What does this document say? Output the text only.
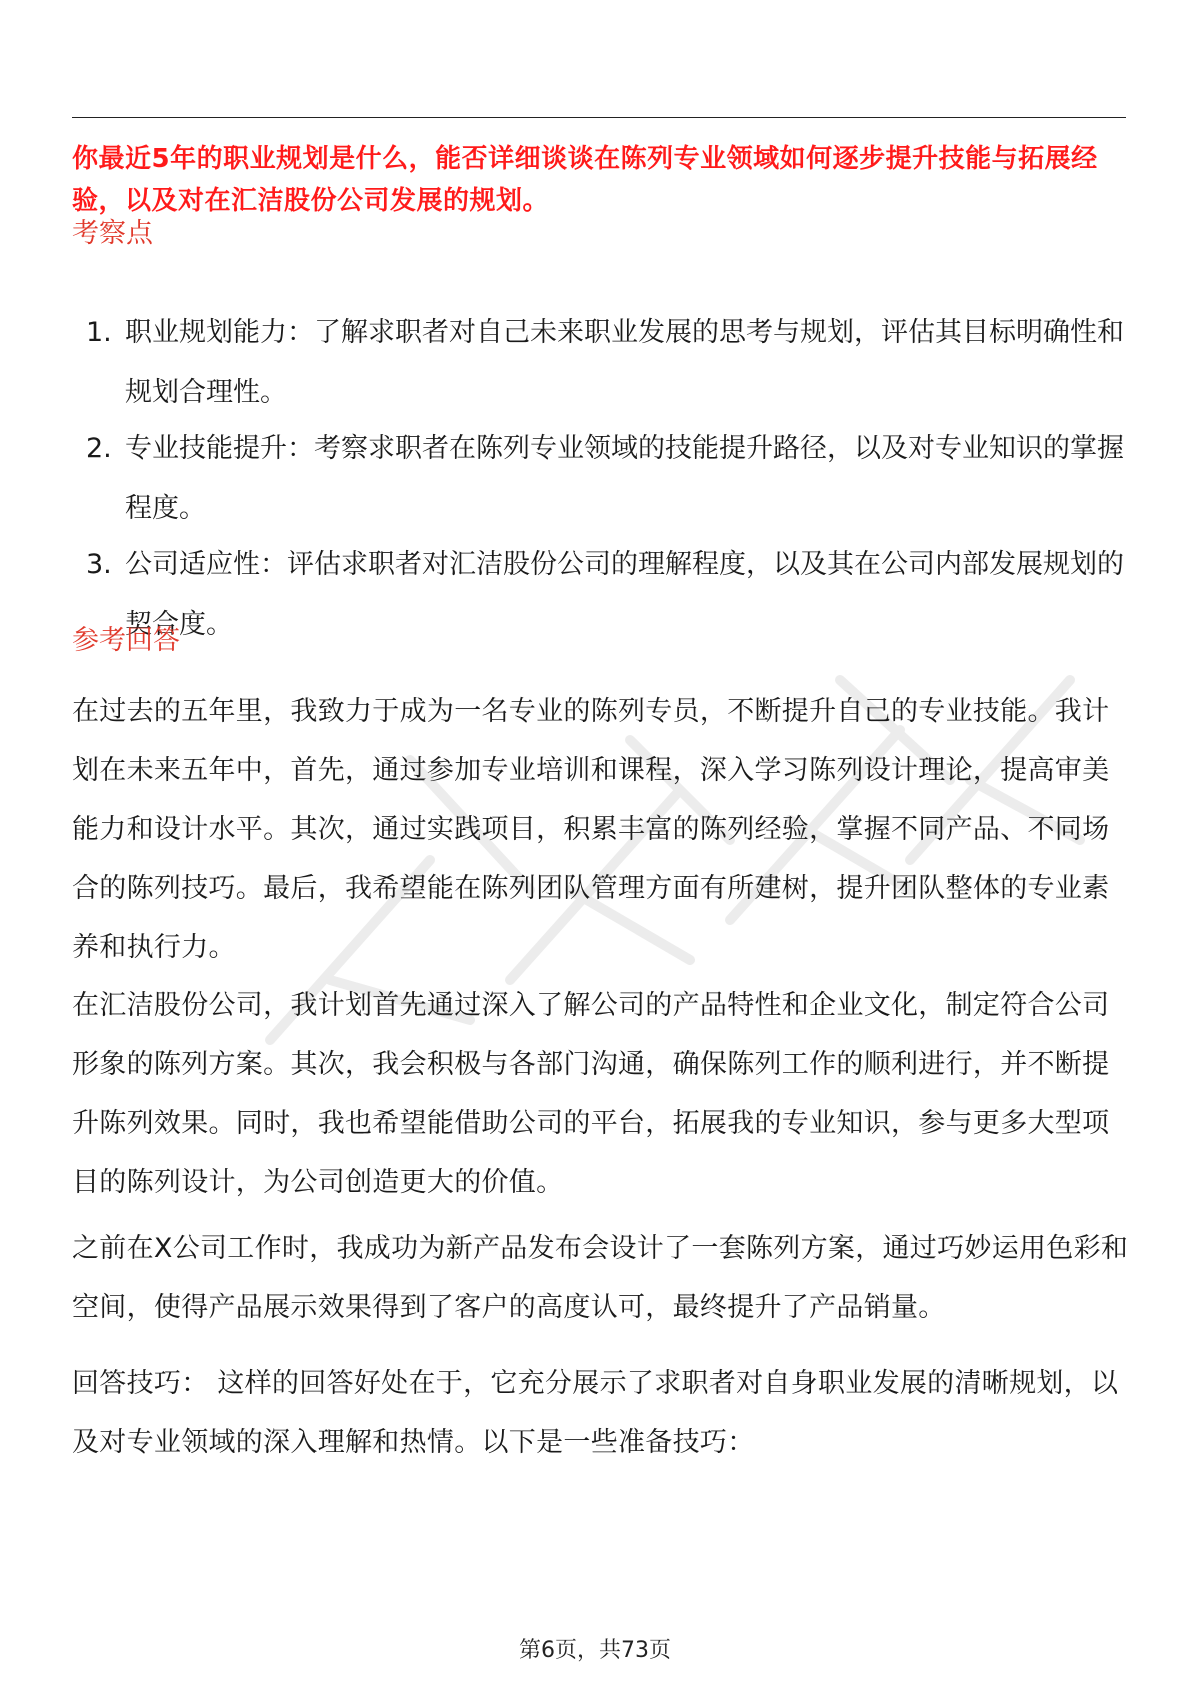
你最近5年的职业规划是什么，能否详细谈谈在陈列专业领域如何逐步提升技能与拓展经验，以及对在汇洁股份公司发展的规划。
考察点
1. 职业规划能力：了解求职者对自己未来职业发展的思考与规划，评估其目标明确性和规划合理性。
2. 专业技能提升：考察求职者在陈列专业领域的技能提升路径，以及对专业知识的掌握程度。
3. 公司适应性：评估求职者对汇洁股份公司的理解程度，以及其在公司内部发展规划的契合度。
参考回答
在过去的五年里，我致力于成为一名专业的陈列专员，不断提升自己的专业技能。我计划在未来五年中，首先，通过参加专业培训和课程，深入学习陈列设计理论，提高审美能力和设计水平。其次，通过实践项目，积累丰富的陈列经验，掌握不同产品、不同场合的陈列技巧。最后，我希望能在陈列团队管理方面有所建树，提升团队整体的专业素养和执行力。
在汇洁股份公司，我计划首先通过深入了解公司的产品特性和企业文化，制定符合公司形象的陈列方案。其次，我会积极与各部门沟通，确保陈列工作的顺利进行，并不断提升陈列效果。同时，我也希望能借助公司的平台，拓展我的专业知识，参与更多大型项目的陈列设计，为公司创造更大的价值。
之前在X公司工作时，我成功为新产品发布会设计了一套陈列方案，通过巧妙运用色彩和空间，使得产品展示效果得到了客户的高度认可，最终提升了产品销量。
回答技巧： 这样的回答好处在于，它充分展示了求职者对自身职业发展的清晰规划，以及对专业领域的深入理解和热情。以下是一些准备技巧：
第6页，共73页
